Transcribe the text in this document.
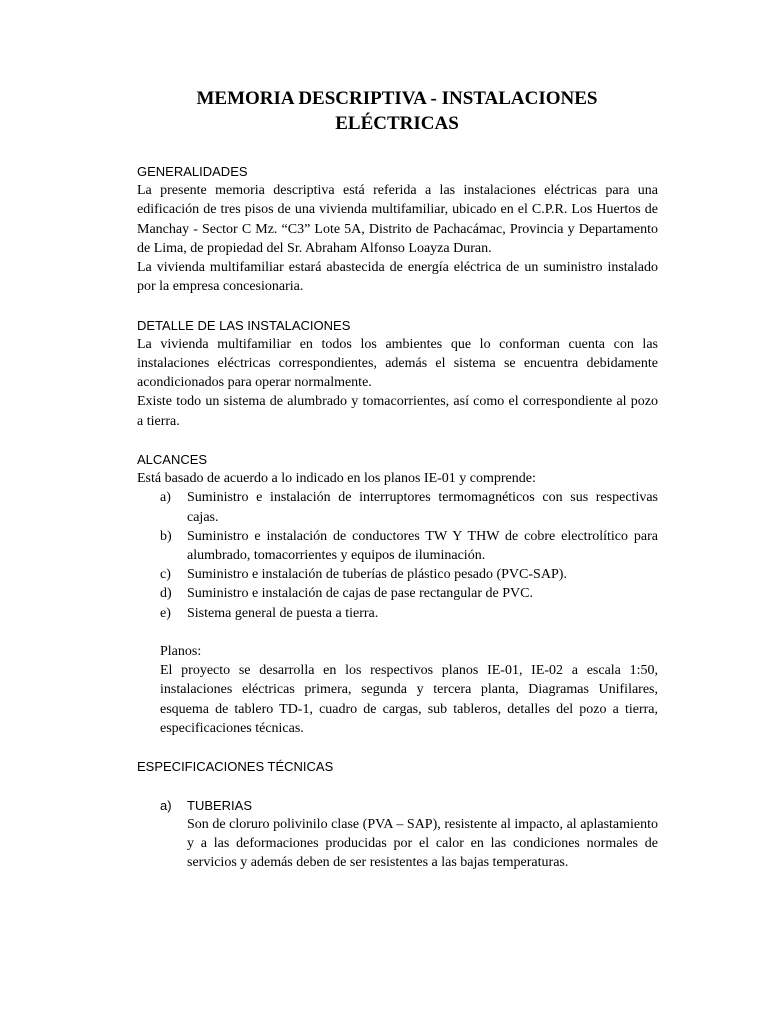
MEMORIA DESCRIPTIVA - INSTALACIONES
ELÉCTRICAS

GENERALIDADES

La presente memoria descriptiva está referida a las instalaciones eléctricas para una edificación de tres pisos de una vivienda multifamiliar, ubicado en el C.P.R. Los Huertos de Manchay - Sector C Mz. “C3” Lote 5A, Distrito de Pachacámac, Provincia y Departamento de Lima, de propiedad del Sr. Abraham Alfonso Loayza Duran.

La vivienda multifamiliar estará abastecida de energía eléctrica de un suministro instalado por la empresa concesionaria.

DETALLE DE LAS INSTALACIONES

La vivienda multifamiliar en todos los ambientes que lo conforman cuenta con las instalaciones eléctricas correspondientes, además el sistema se encuentra debidamente acondicionados para operar normalmente.

Existe todo un sistema de alumbrado y tomacorrientes, así como el correspondiente al pozo a tierra.

ALCANCES

Está basado de acuerdo a lo indicado en los planos IE-01 y comprende:

a) Suministro e instalación de interruptores termomagnéticos con sus respectivas cajas.
b) Suministro e instalación de conductores TW Y THW de cobre electrolítico para alumbrado, tomacorrientes y equipos de iluminación.
c) Suministro e instalación de tuberías de plástico pesado (PVC-SAP).
d) Suministro e instalación de cajas de pase rectangular de PVC.
e) Sistema general de puesta a tierra.

Planos:

El proyecto se desarrolla en los respectivos planos IE-01, IE-02 a escala 1:50, instalaciones eléctricas primera, segunda y tercera planta, Diagramas Unifilares, esquema de tablero TD-1, cuadro de cargas, sub tableros, detalles del pozo a tierra, especificaciones técnicas.

ESPECIFICACIONES TÉCNICAS

a) TUBERIAS

Son de cloruro polivinilo clase (PVA – SAP), resistente al impacto, al aplastamiento y a las deformaciones producidas por el calor en las condiciones normales de servicios y además deben de ser resistentes a las bajas temperaturas.
